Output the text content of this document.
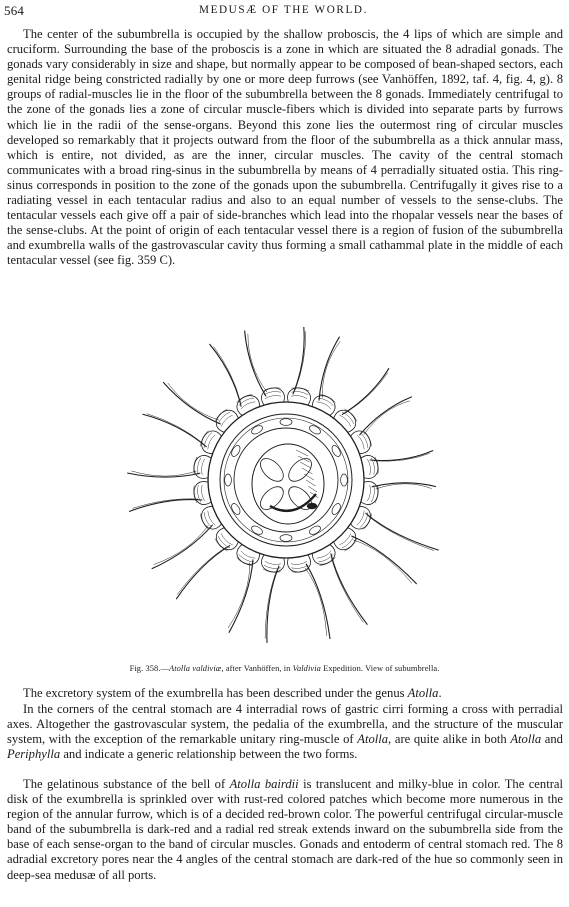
564	MEDUSÆ OF THE WORLD.

The center of the subumbrella is occupied by the shallow proboscis, the 4 lips of which are simple and cruciform. Surrounding the base of the proboscis is a zone in which are situated the 8 adradial gonads. The gonads vary considerably in size and shape, but normally appear to be composed of bean-shaped sectors, each genital ridge being constricted radially by one or more deep furrows (see Vanhöffen, 1892, taf. 4, fig. 4, g). 8 groups of radial-muscles lie in the floor of the subumbrella between the 8 gonads. Immediately centrifugal to the zone of the gonads lies a zone of circular muscle-fibers which is divided into separate parts by furrows which lie in the radii of the sense-organs. Beyond this zone lies the outermost ring of circular muscles developed so remarkably that it projects outward from the floor of the subumbrella as a thick annular mass, which is entire, not divided, as are the inner, circular muscles. The cavity of the central stomach communicates with a broad ring-sinus in the subumbrella by means of 4 perradially situated ostia. This ring-sinus corresponds in position to the zone of the gonads upon the subumbrella. Centrifugally it gives rise to a radiating vessel in each tentacular radius and also to an equal number of vessels to the sense-clubs. The tentacular vessels each give off a pair of side-branches which lead into the rhopalar vessels near the bases of the sense-clubs. At the point of origin of each tentacular vessel there is a region of fusion of the subumbrella and exumbrella walls of the gastrovascular cavity thus forming a small cathammal plate in the middle of each tentacular vessel (see fig. 359 C).

Fig. 358.—Atolla valdiviæ, after Vanhöffen, in Valdivia Expedition. View of subumbrella.

The excretory system of the exumbrella has been described under the genus Atolla.

In the corners of the central stomach are 4 interradial rows of gastric cirri forming a cross with perradial axes. Altogether the gastrovascular system, the pedalia of the exumbrella, and the structure of the muscular system, with the exception of the remarkable unitary ring-muscle of Atolla, are quite alike in both Atolla and Periphylla and indicate a generic relationship between the two forms.

The gelatinous substance of the bell of Atolla bairdii is translucent and milky-blue in color. The central disk of the exumbrella is sprinkled over with rust-red colored patches which become more numerous in the region of the annular furrow, which is of a decided red-brown color. The powerful centrifugal circular-muscle band of the subumbrella is dark-red and a radial red streak extends inward on the subumbrella side from the base of each sense-organ to the band of circular muscles. Gonads and entoderm of central stomach red. The 8 adradial excretory pores near the 4 angles of the central stomach are dark-red of the hue so commonly seen in deep-sea medusæ of all ports.
